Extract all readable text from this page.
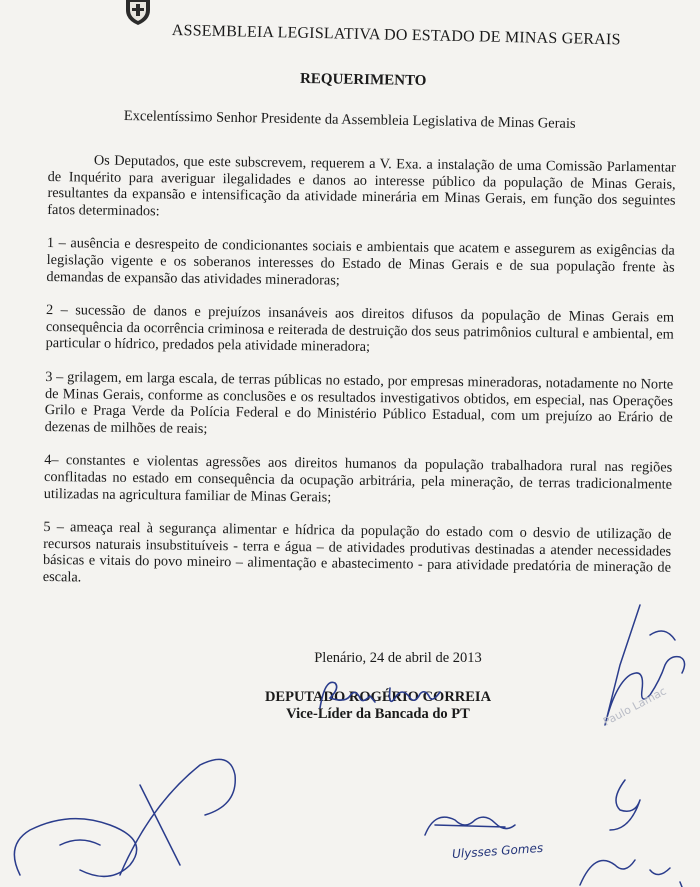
ASSEMBLEIA LEGISLATIVA DO ESTADO DE MINAS GERAIS
REQUERIMENTO
Excelentíssimo Senhor Presidente da Assembleia Legislativa de Minas Gerais

Os Deputados, que este subscrevem, requerem a V. Exa. a instalação de uma Comissão Parlamentar de Inquérito para averiguar ilegalidades e danos ao interesse público da população de Minas Gerais, resultantes da expansão e intensificação da atividade minerária em Minas Gerais, em função dos seguintes fatos determinados:

1 – ausência e desrespeito de condicionantes sociais e ambientais que acatem e assegurem as exigências da legislação vigente e os soberanos interesses do Estado de Minas Gerais e de sua população frente às demandas de expansão das atividades mineradoras;

2 – sucessão de danos e prejuízos insanáveis aos direitos difusos da população de Minas Gerais em consequência da ocorrência criminosa e reiterada de destruição dos seus patrimônios cultural e ambiental, em particular o hídrico, predados pela atividade mineradora;

3 – grilagem, em larga escala, de terras públicas no estado, por empresas mineradoras, notadamente no Norte de Minas Gerais, conforme as conclusões e os resultados investigativos obtidos, em especial, nas Operações Grilo e Praga Verde da Polícia Federal e do Ministério Público Estadual, com um prejuízo ao Erário de dezenas de milhões de reais;

4– constantes e violentas agressões aos direitos humanos da população trabalhadora rural nas regiões conflitadas no estado em consequência da ocupação arbitrária, pela mineração, de terras tradicionalmente utilizadas na agricultura familiar de Minas Gerais;

5 – ameaça real à segurança alimentar e hídrica da população do estado com o desvio de utilização de recursos naturais insubstituíveis - terra e água – de atividades produtivas destinadas a atender necessidades básicas e vitais do povo mineiro – alimentação e abastecimento - para atividade predatória de mineração de escala.

Plenário, 24 de abril de 2013
DEPUTADO ROGÉRIO CORREIA
Vice-Líder da Bancada do PT	Paulo Lamac
Ulysses Gomes
